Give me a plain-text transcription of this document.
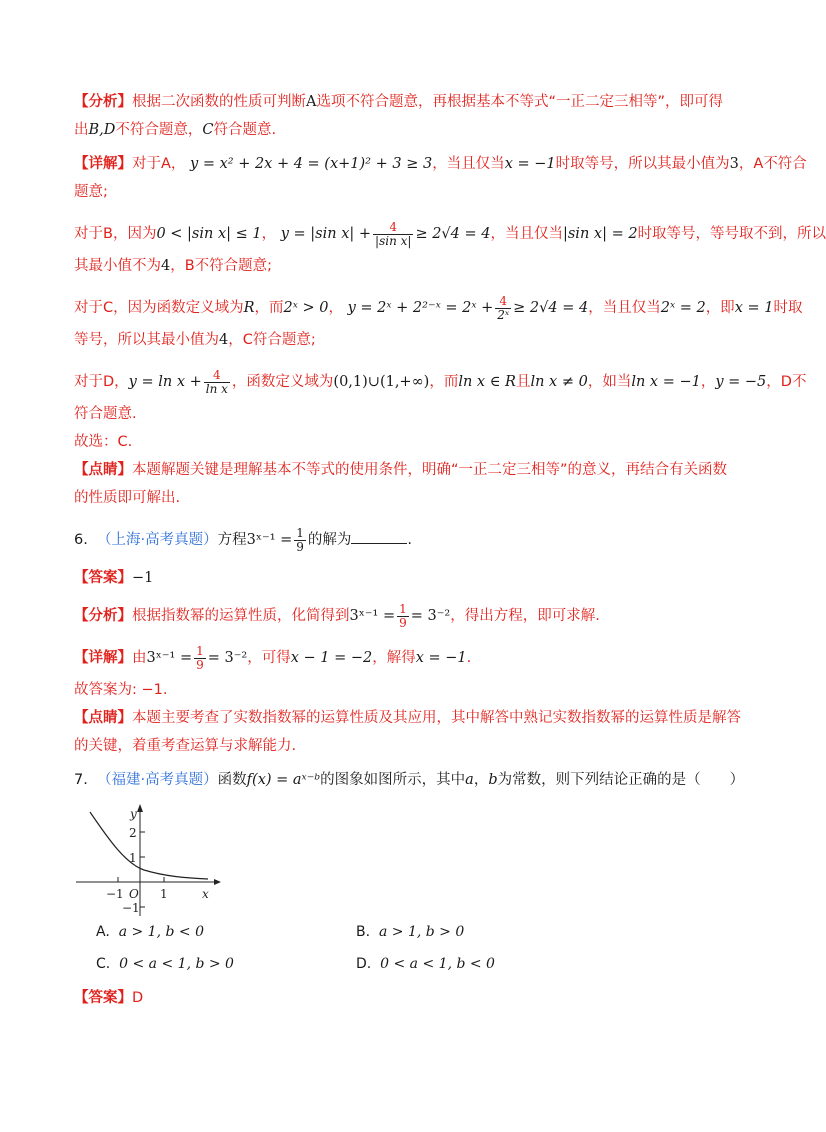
【分析】根据二次函数的性质可判断A选项不符合题意，再根据基本不等式“一正二定三相等”，即可得
出B,D不符合题意，C符合题意.
【详解】对于A， y = x² + 2x + 4 = (x+1)² + 3 ≥ 3，当且仅当x = −1时取等号，所以其最小值为3，A不符合
题意;
对于B，因为0 < |sin x| ≤ 1， y = |sin $x| + \frac{4}{\text{|sin x|}} \ge 2√4 = 4$，当且仅当|sin x| = 2时取等号，等号取不到，所以
其最小值不为4，B不符合题意;
对于C，因为函数定义域为R，而2ˣ > 0， y = 2ˣ + 2²⁻ˣ = 2ˣ + $\frac{4}{\text{2ˣ}} \ge 2√4 = 4$，当且仅当2ˣ = 2，即x = 1时取
等号，所以其最小值为4，C符合题意;
对于D，$y = \ln x + \frac{4}{\text{ln x}}$ ，函数定义域为(0,1)∪(1,+∞)，而ln x ∈ R且ln x ≠ 0，如当ln x = −1，y = −5，D不
符合题意.
故选：C.
【点睛】本题解题关键是理解基本不等式的使用条件，明确“一正二定三相等”的意义，再结合有关函数
的性质即可解出.
6. （上海·高考真题）方程3ˣ⁻¹ = $\frac{1}{9}$ 的解为	.
【答案】−1
【分析】根据指数幂的运算性质，化简得到3ˣ⁻¹ = $\frac{1}{9} = 3^{-2}$，得出方程，即可求解.
【详解】由3ˣ⁻¹ = $\frac{1}{9} = 3^{-2}$，可得x − 1 = −2，解得x = −1.
故答案为: −1.
【点睛】本题主要考查了实数指数幂的运算性质及其应用，其中解答中熟记实数指数幂的运算性质是解答
的关键，着重考查运算与求解能力.
7. （福建·高考真题）函数f(x) = aˣ⁻ᵇ的图象如图所示，其中a，b为常数，则下列结论正确的是（　　）
y
x
2
1
−1
−1	1
O
A. a > 1, b < 0	B. a > 1, b > 0
C. 0 < a < 1, b > 0	D. 0 < a < 1, b < 0
【答案】D
